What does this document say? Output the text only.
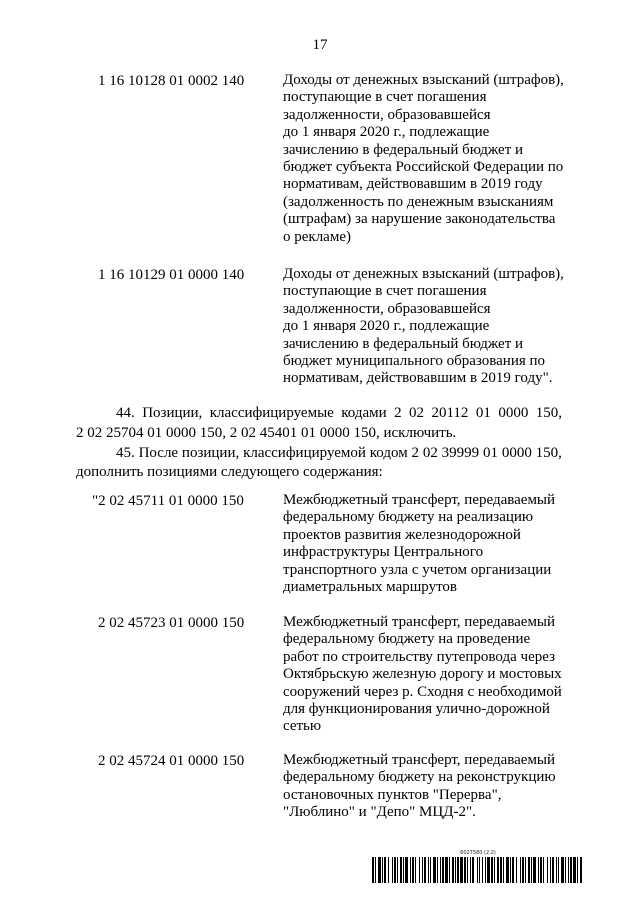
17
1 16 10128 01 0002 140	Доходы от денежных взысканий (штрафов),
поступающие в счет погашения
задолженности, образовавшейся
до 1 января 2020 г., подлежащие
зачислению в федеральный бюджет и
бюджет субъекта Российской Федерации по
нормативам, действовавшим в 2019 году
(задолженность по денежным взысканиям
(штрафам) за нарушение законодательства
о рекламе)
1 16 10129 01 0000 140	Доходы от денежных взысканий (штрафов),
поступающие в счет погашения
задолженности, образовавшейся
до 1 января 2020 г., подлежащие
зачислению в федеральный бюджет и
бюджет муниципального образования по
нормативам, действовавшим в 2019 году".
44. Позиции, классифицируемые кодами 2 02 20112 01 0000 150,
2 02 25704 01 0000 150, 2 02 45401 01 0000 150, исключить.
45. После позиции, классифицируемой кодом 2 02 39999 01 0000 150,
дополнить позициями следующего содержания:
"2 02 45711 01 0000 150	Межбюджетный трансферт, передаваемый
федеральному бюджету на реализацию
проектов развития железнодорожной
инфраструктуры Центрального
транспортного узла с учетом организации
диаметральных маршрутов
2 02 45723 01 0000 150	Межбюджетный трансферт, передаваемый
федеральному бюджету на проведение
работ по строительству путепровода через
Октябрьскую железную дорогу и мостовых
сооружений через р. Сходня с необходимой
для функционирования улично-дорожной
сетью
2 02 45724 01 0000 150	Межбюджетный трансферт, передаваемый
федеральному бюджету на реконструкцию
остановочных пунктов "Перерва",
"Люблино" и "Депо" МЦД-2".
6027580 (2.2)
